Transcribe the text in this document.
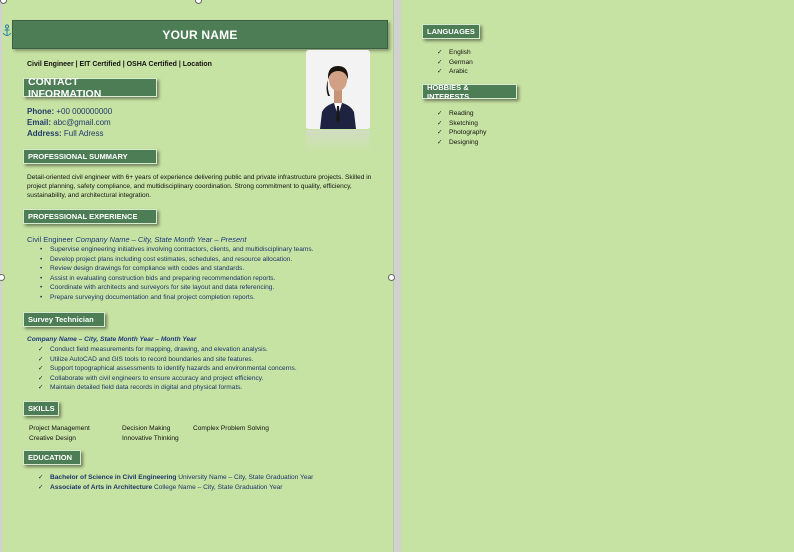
YOUR NAME
Civil Engineer | EIT Certified | OSHA Certified | Location
CONTACT INFORMATION
Phone: +00 000000000
Email: abc@gmail.com
Address: Full Adress
PROFESSIONAL SUMMARY
Detail-oriented civil engineer with 6+ years of experience delivering public and private infrastructure projects. Skilled in project planning, safety compliance, and multidisciplinary coordination. Strong commitment to quality, efficiency, sustainability, and architectural integration.
PROFESSIONAL EXPERIENCE
Civil Engineer Company Name – City, State Month Year – Present
• Supervise engineering initiatives involving contractors, clients, and multidisciplinary teams.
• Develop project plans including cost estimates, schedules, and resource allocation.
• Review design drawings for compliance with codes and standards.
• Assist in evaluating construction bids and preparing recommendation reports.
• Coordinate with architects and surveyors for site layout and data referencing.
• Prepare surveying documentation and final project completion reports.
Survey Technician
Company Name – City, State Month Year – Month Year
✓ Conduct field measurements for mapping, drawing, and elevation analysis.
✓ Utilize AutoCAD and GIS tools to record boundaries and site features.
✓ Support topographical assessments to identify hazards and environmental concerns.
✓ Collaborate with civil engineers to ensure accuracy and project efficiency.
✓ Maintain detailed field data records in digital and physical formats.
SKILLS
Project Management	Decision Making	Complex Problem Solving
Creative Design	Innovative Thinking
EDUCATION
✓ Bachelor of Science in Civil Engineering University Name – City, State Graduation Year
✓ Associate of Arts in Architecture College Name – City, State Graduation Year
LANGUAGES
✓ English
✓ German
✓ Arabic
HOBBIES & INTERESTS
✓ Reading
✓ Sketching
✓ Photography
✓ Designing
